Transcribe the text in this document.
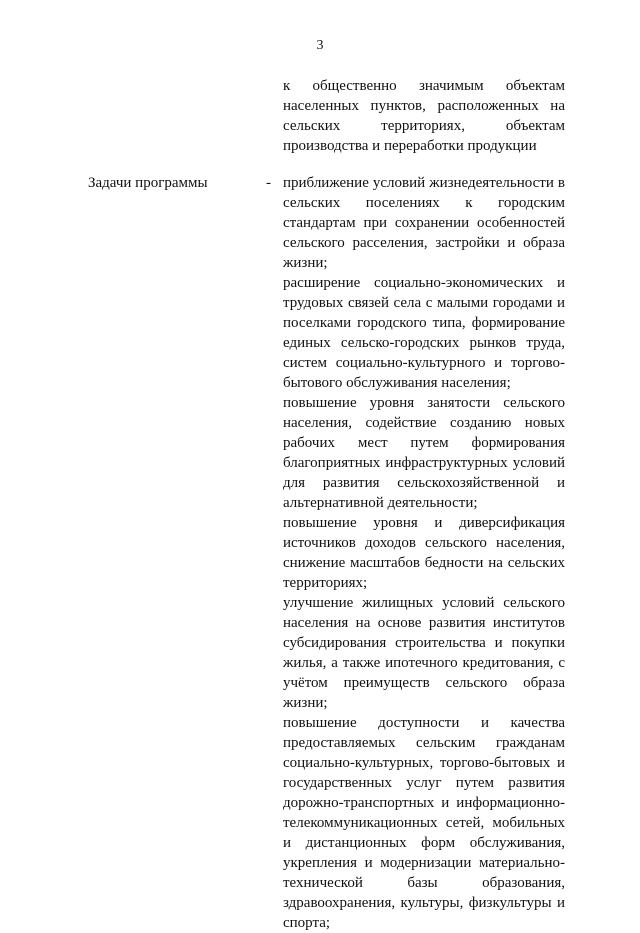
3
к общественно значимым объектам населенных пунктов, расположенных на сельских территориях, объектам производства и переработки продукции
Задачи программы	- приближение условий жизнедеятельности в сельских поселениях к городским стандартам при сохранении особенностей сельского расселения, застройки и образа жизни;
расширение социально-экономических и трудовых связей села с малыми городами и поселками городского типа, формирование единых сельско-городских рынков труда, систем социально-культурного и торгово-бытового обслуживания населения;
повышение уровня занятости сельского населения, содействие созданию новых рабочих мест путем формирования благоприятных инфраструктурных условий для развития сельскохозяйственной и альтернативной деятельности;
повышение уровня и диверсификация источников доходов сельского населения, снижение масштабов бедности на сельских территориях;
улучшение жилищных условий сельского населения на основе развития институтов субсидирования строительства и покупки жилья, а также ипотечного кредитования, с учётом преимуществ сельского образа жизни;
повышение доступности и качества предоставляемых сельским гражданам социально-культурных, торгово-бытовых и государственных услуг путем развития дорожно-транспортных и информационно-телекоммуникационных сетей, мобильных и дистанционных форм обслуживания, укрепления и модернизации материально-технической базы образования, здравоохранения, культуры, физкультуры и спорта;
